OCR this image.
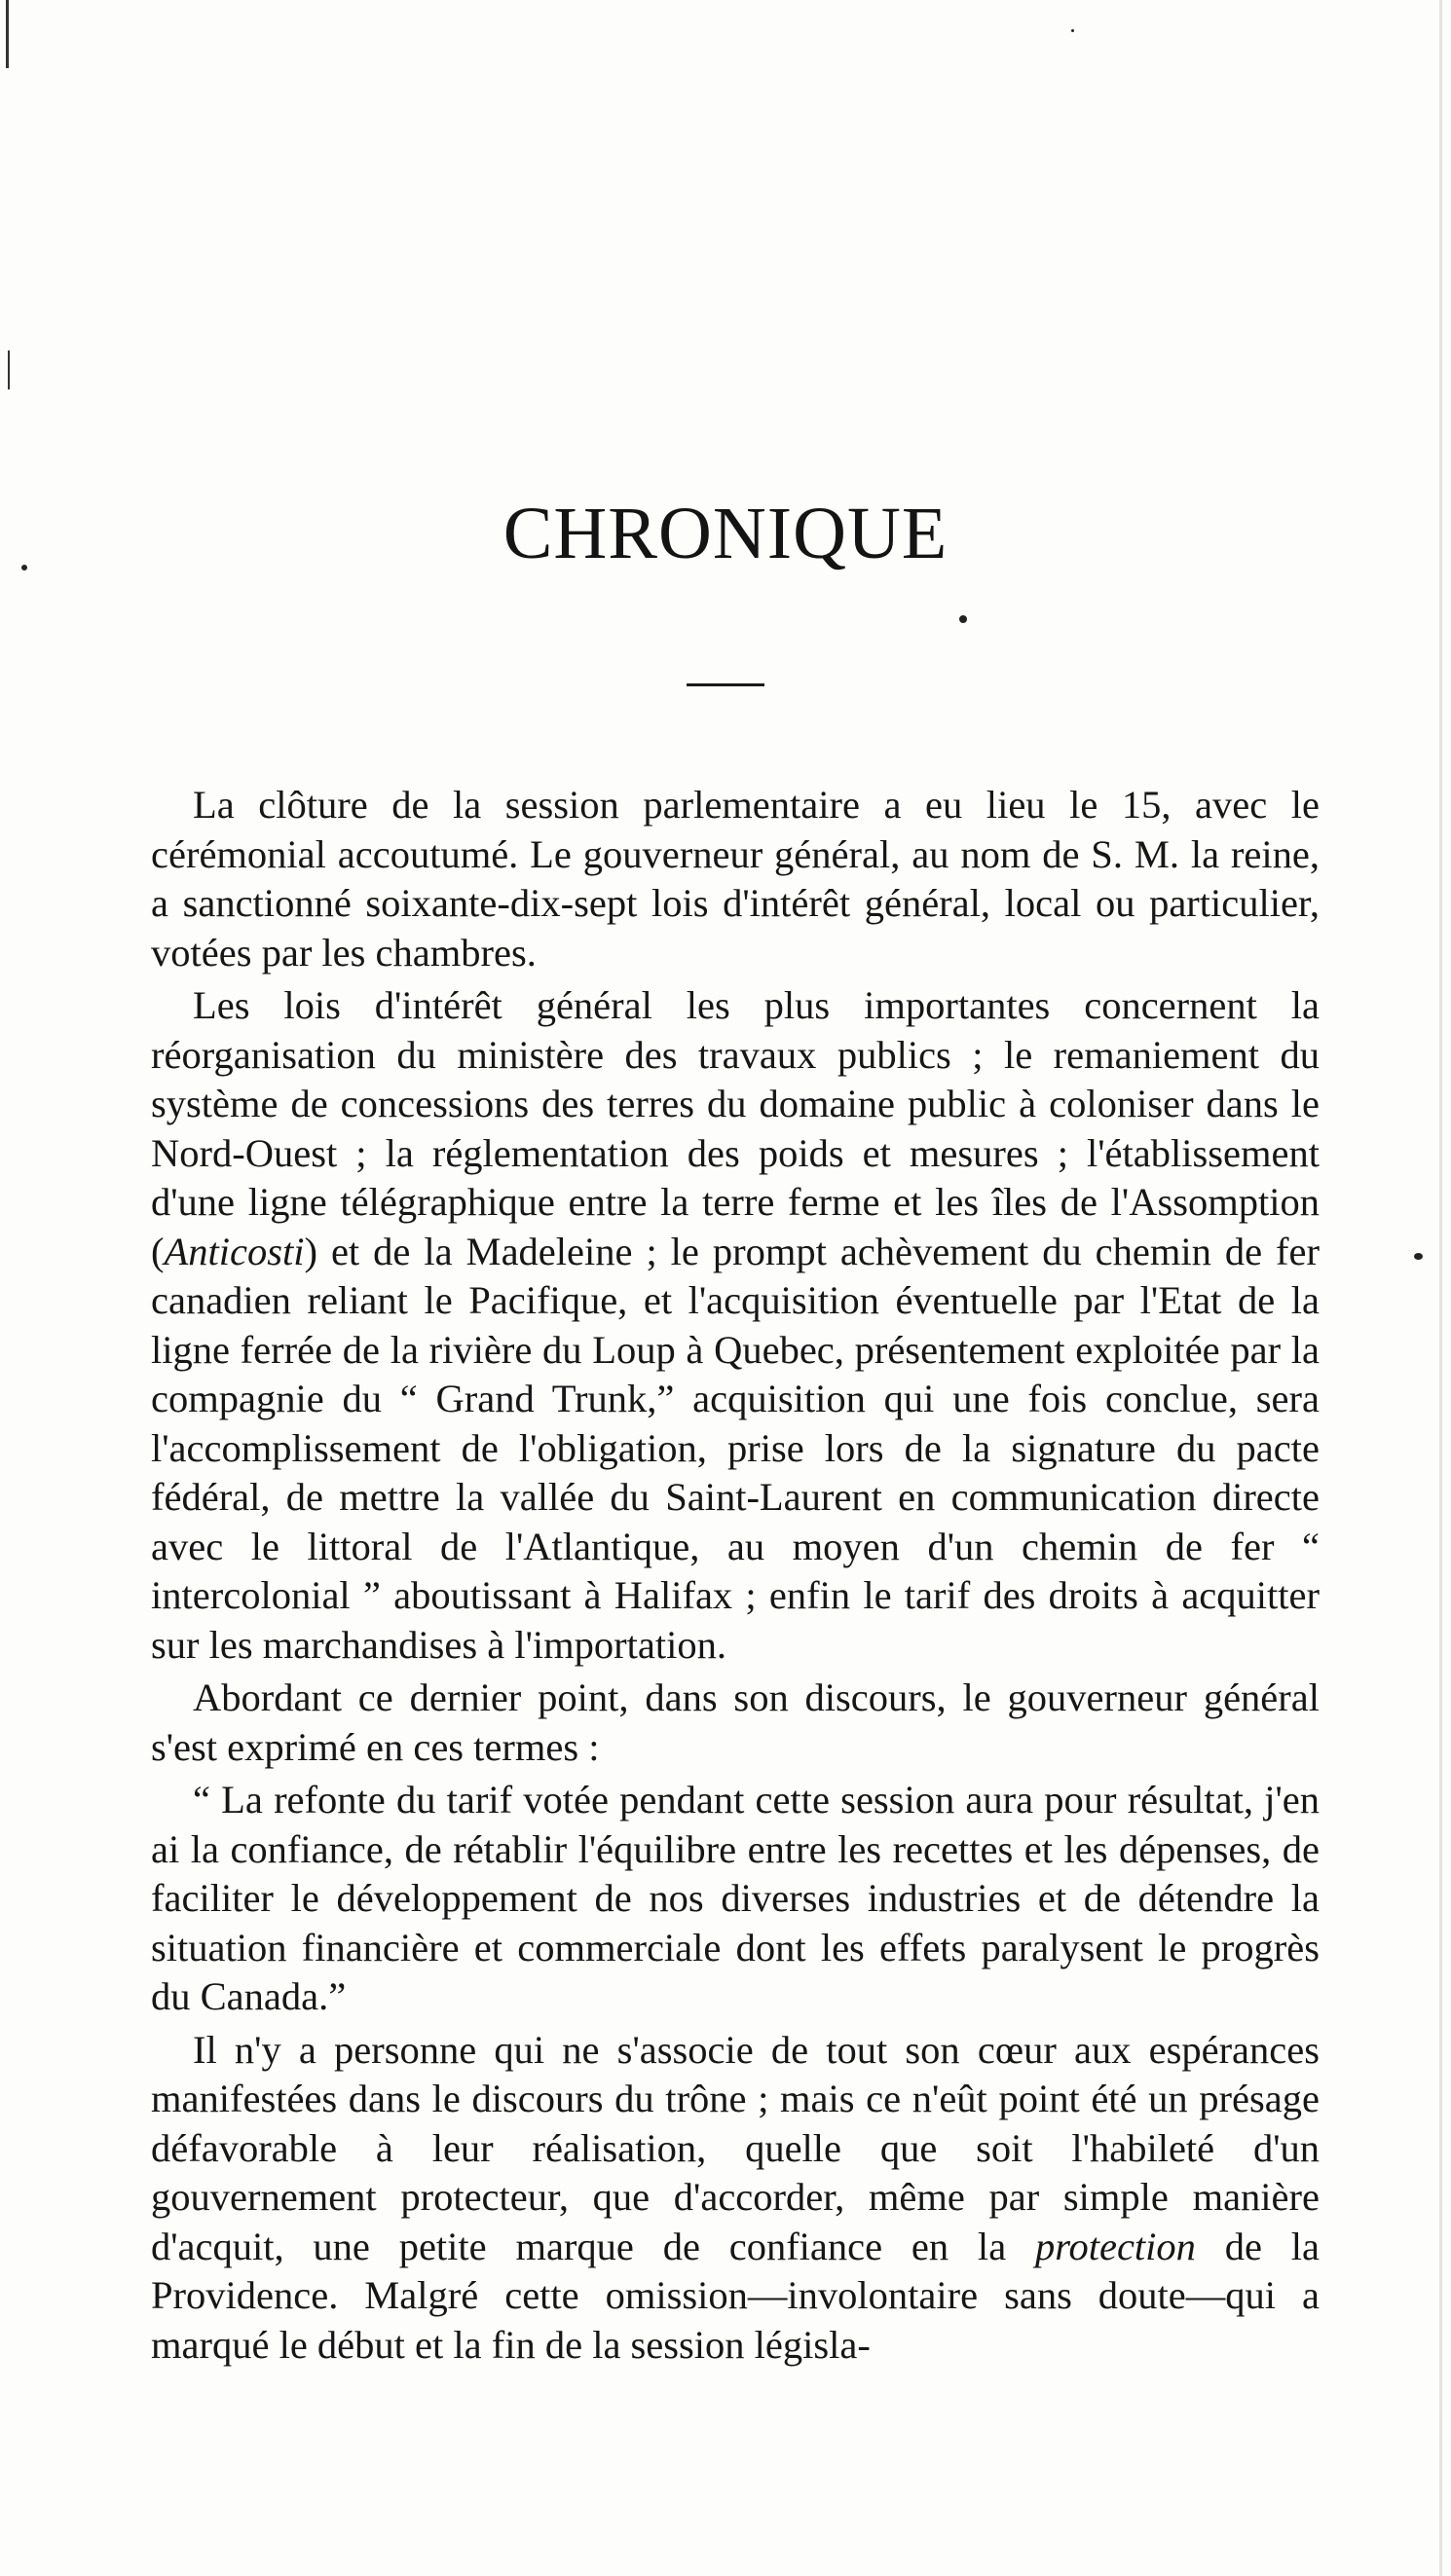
CHRONIQUE

La clôture de la session parlementaire a eu lieu le 15, avec le cérémonial accoutumé. Le gouverneur général, au nom de S. M. la reine, a sanctionné soixante-dix-sept lois d'intérêt général, local ou particulier, votées par les chambres.

Les lois d'intérêt général les plus importantes concernent la réorganisation du ministère des travaux publics ; le remaniement du système de concessions des terres du domaine public à coloniser dans le Nord-Ouest ; la réglementation des poids et mesures ; l'établissement d'une ligne télégraphique entre la terre ferme et les îles de l'Assomption (Anticosti) et de la Madeleine ; le prompt achèvement du chemin de fer canadien reliant le Pacifique, et l'acquisition éventuelle par l'Etat de la ligne ferrée de la rivière du Loup à Quebec, présentement exploitée par la compagnie du “ Grand Trunk,” acquisition qui une fois conclue, sera l'accomplissement de l'obligation, prise lors de la signature du pacte fédéral, de mettre la vallée du Saint-Laurent en communication directe avec le littoral de l'Atlantique, au moyen d'un chemin de fer “ intercolonial ” aboutissant à Halifax ; enfin le tarif des droits à acquitter sur les marchandises à l'importation.

Abordant ce dernier point, dans son discours, le gouverneur général s'est exprimé en ces termes :

“ La refonte du tarif votée pendant cette session aura pour résultat, j'en ai la confiance, de rétablir l'équilibre entre les recettes et les dépenses, de faciliter le développement de nos diverses industries et de détendre la situation financière et commerciale dont les effets paralysent le progrès du Canada.”

Il n'y a personne qui ne s'associe de tout son cœur aux espérances manifestées dans le discours du trône ; mais ce n'eût point été un présage défavorable à leur réalisation, quelle que soit l'habileté d'un gouvernement protecteur, que d'accorder, même par simple manière d'acquit, une petite marque de confiance en la protection de la Providence. Malgré cette omission—involontaire sans doute—qui a marqué le début et la fin de la session législa-
